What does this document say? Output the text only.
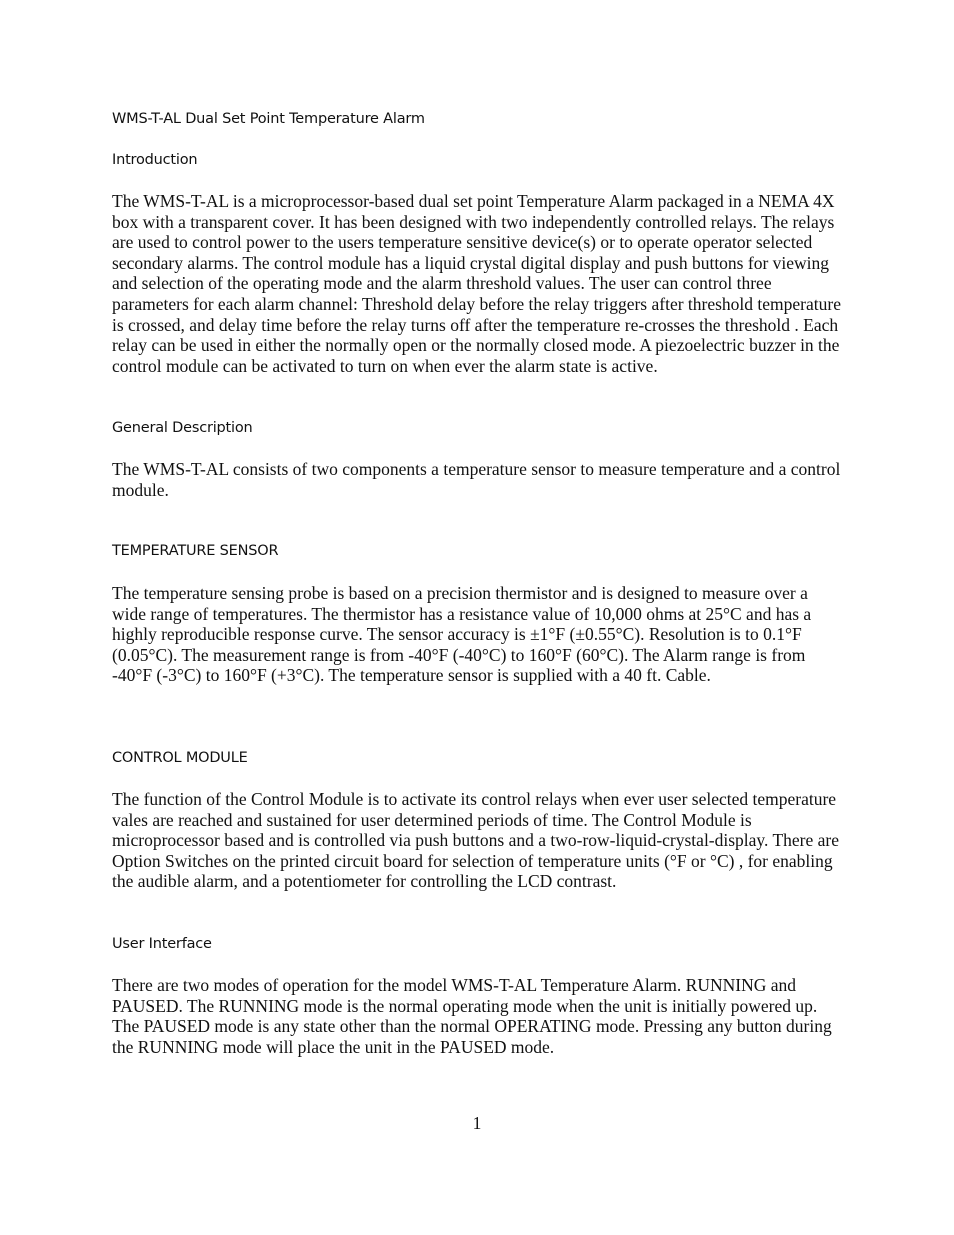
WMS-T-AL Dual Set Point Temperature Alarm
Introduction

The WMS-T-AL is a microprocessor-based dual set point Temperature Alarm packaged in a NEMA 4X box with a transparent cover. It has been designed with two independently controlled relays. The relays are used to control power to the users temperature sensitive device(s) or to operate operator selected secondary alarms. The control module has a liquid crystal digital display and push buttons for viewing and selection of the operating mode and the alarm threshold values. The user can control three parameters for each alarm channel: Threshold delay before the relay triggers after threshold temperature is crossed, and delay time before the relay turns off after the temperature re-crosses the threshold . Each relay can be used in either the normally open or the normally closed mode. A piezoelectric buzzer in the control module can be activated to turn on when ever the alarm state is active.

General Description

The WMS-T-AL consists of two components a temperature sensor to measure temperature and a control module.

TEMPERATURE SENSOR

The temperature sensing probe is based on a precision thermistor and is designed to measure over a wide range of temperatures. The thermistor has a resistance value of 10,000 ohms at 25°C and has a highly reproducible response curve. The sensor accuracy is ±1°F (±0.55°C). Resolution is to 0.1°F (0.05°C). The measurement range is from -40°F (-40°C) to 160°F (60°C). The Alarm range is from -40°F (-3°C) to 160°F (+3°C). The temperature sensor is supplied with a 40 ft. Cable.

CONTROL MODULE

The function of the Control Module is to activate its control relays when ever user selected temperature vales are reached and sustained for user determined periods of time. The Control Module is microprocessor based and is controlled via push buttons and a two-row-liquid-crystal-display. There are Option Switches on the printed circuit board for selection of temperature units (°F or °C) , for enabling the audible alarm, and a potentiometer for controlling the LCD contrast.

User Interface

There are two modes of operation for the model WMS-T-AL Temperature Alarm. RUNNING and PAUSED. The RUNNING mode is the normal operating mode when the unit is initially powered up. The PAUSED mode is any state other than the normal OPERATING mode. Pressing any button during the RUNNING mode will place the unit in the PAUSED mode.

1
